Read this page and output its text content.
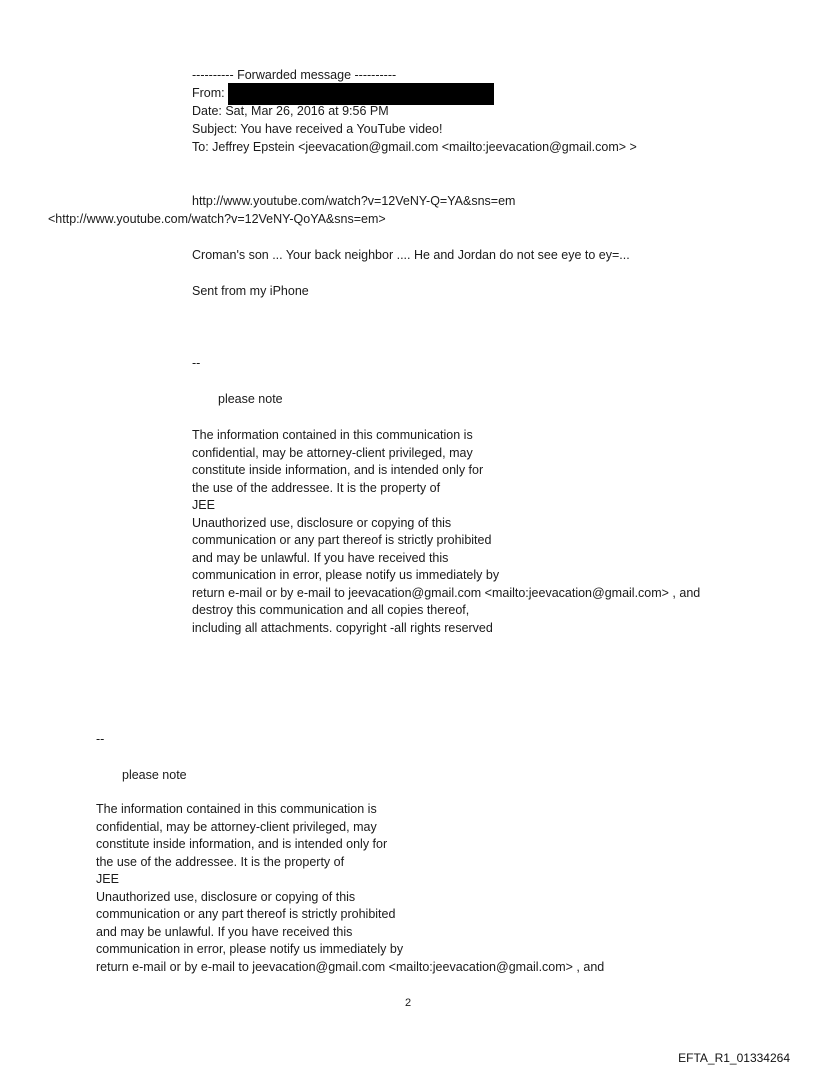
---------- Forwarded message ----------
From:
Date: Sat, Mar 26, 2016 at 9:56 PM
Subject: You have received a YouTube video!
To: Jeffrey Epstein <jeevacation@gmail.com <mailto:jeevacation@gmail.com> >
http://www.youtube.com/watch?v=12VeNY-Q=YA&sns=em
<http://www.youtube.com/watch?v=12VeNY-QoYA&sns=em>
Croman's son ... Your back neighbor .... He and Jordan do not see eye to ey=...
Sent from my iPhone
--
please note
The information contained in this communication is
confidential, may be attorney-client privileged, may
constitute inside information, and is intended only for
the use of the addressee. It is the property of
JEE
Unauthorized use, disclosure or copying of this
communication or any part thereof is strictly prohibited
and may be unlawful. If you have received this
communication in error, please notify us immediately by
return e-mail or by e-mail to jeevacation@gmail.com <mailto:jeevacation@gmail.com> , and
destroy this communication and all copies thereof,
including all attachments. copyright -all rights reserved
--
please note
The information contained in this communication is
confidential, may be attorney-client privileged, may
constitute inside information, and is intended only for
the use of the addressee. It is the property of
JEE
Unauthorized use, disclosure or copying of this
communication or any part thereof is strictly prohibited
and may be unlawful. If you have received this
communication in error, please notify us immediately by
return e-mail or by e-mail to jeevacation@gmail.com <mailto:jeevacation@gmail.com> , and
2
EFTA_R1_01334264
